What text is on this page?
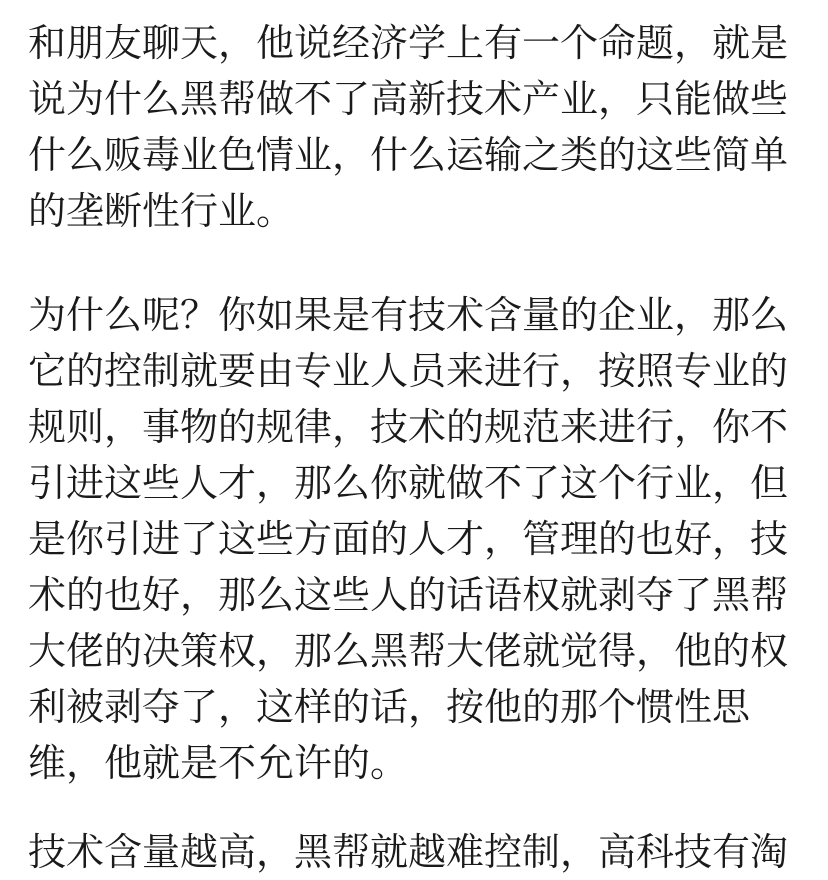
和朋友聊天，他说经济学上有一个命题，就是
说为什么黑帮做不了高新技术产业，只能做些
什么贩毒业色情业，什么运输之类的这些简单
的垄断性行业。
为什么呢？你如果是有技术含量的企业，那么
它的控制就要由专业人员来进行，按照专业的
规则，事物的规律，技术的规范来进行，你不
引进这些人才，那么你就做不了这个行业，但
是你引进了这些方面的人才，管理的也好，技
术的也好，那么这些人的话语权就剥夺了黑帮
大佬的决策权，那么黑帮大佬就觉得，他的权
利被剥夺了，这样的话，按他的那个惯性思
维，他就是不允许的。
技术含量越高，黑帮就越难控制，高科技有淘
